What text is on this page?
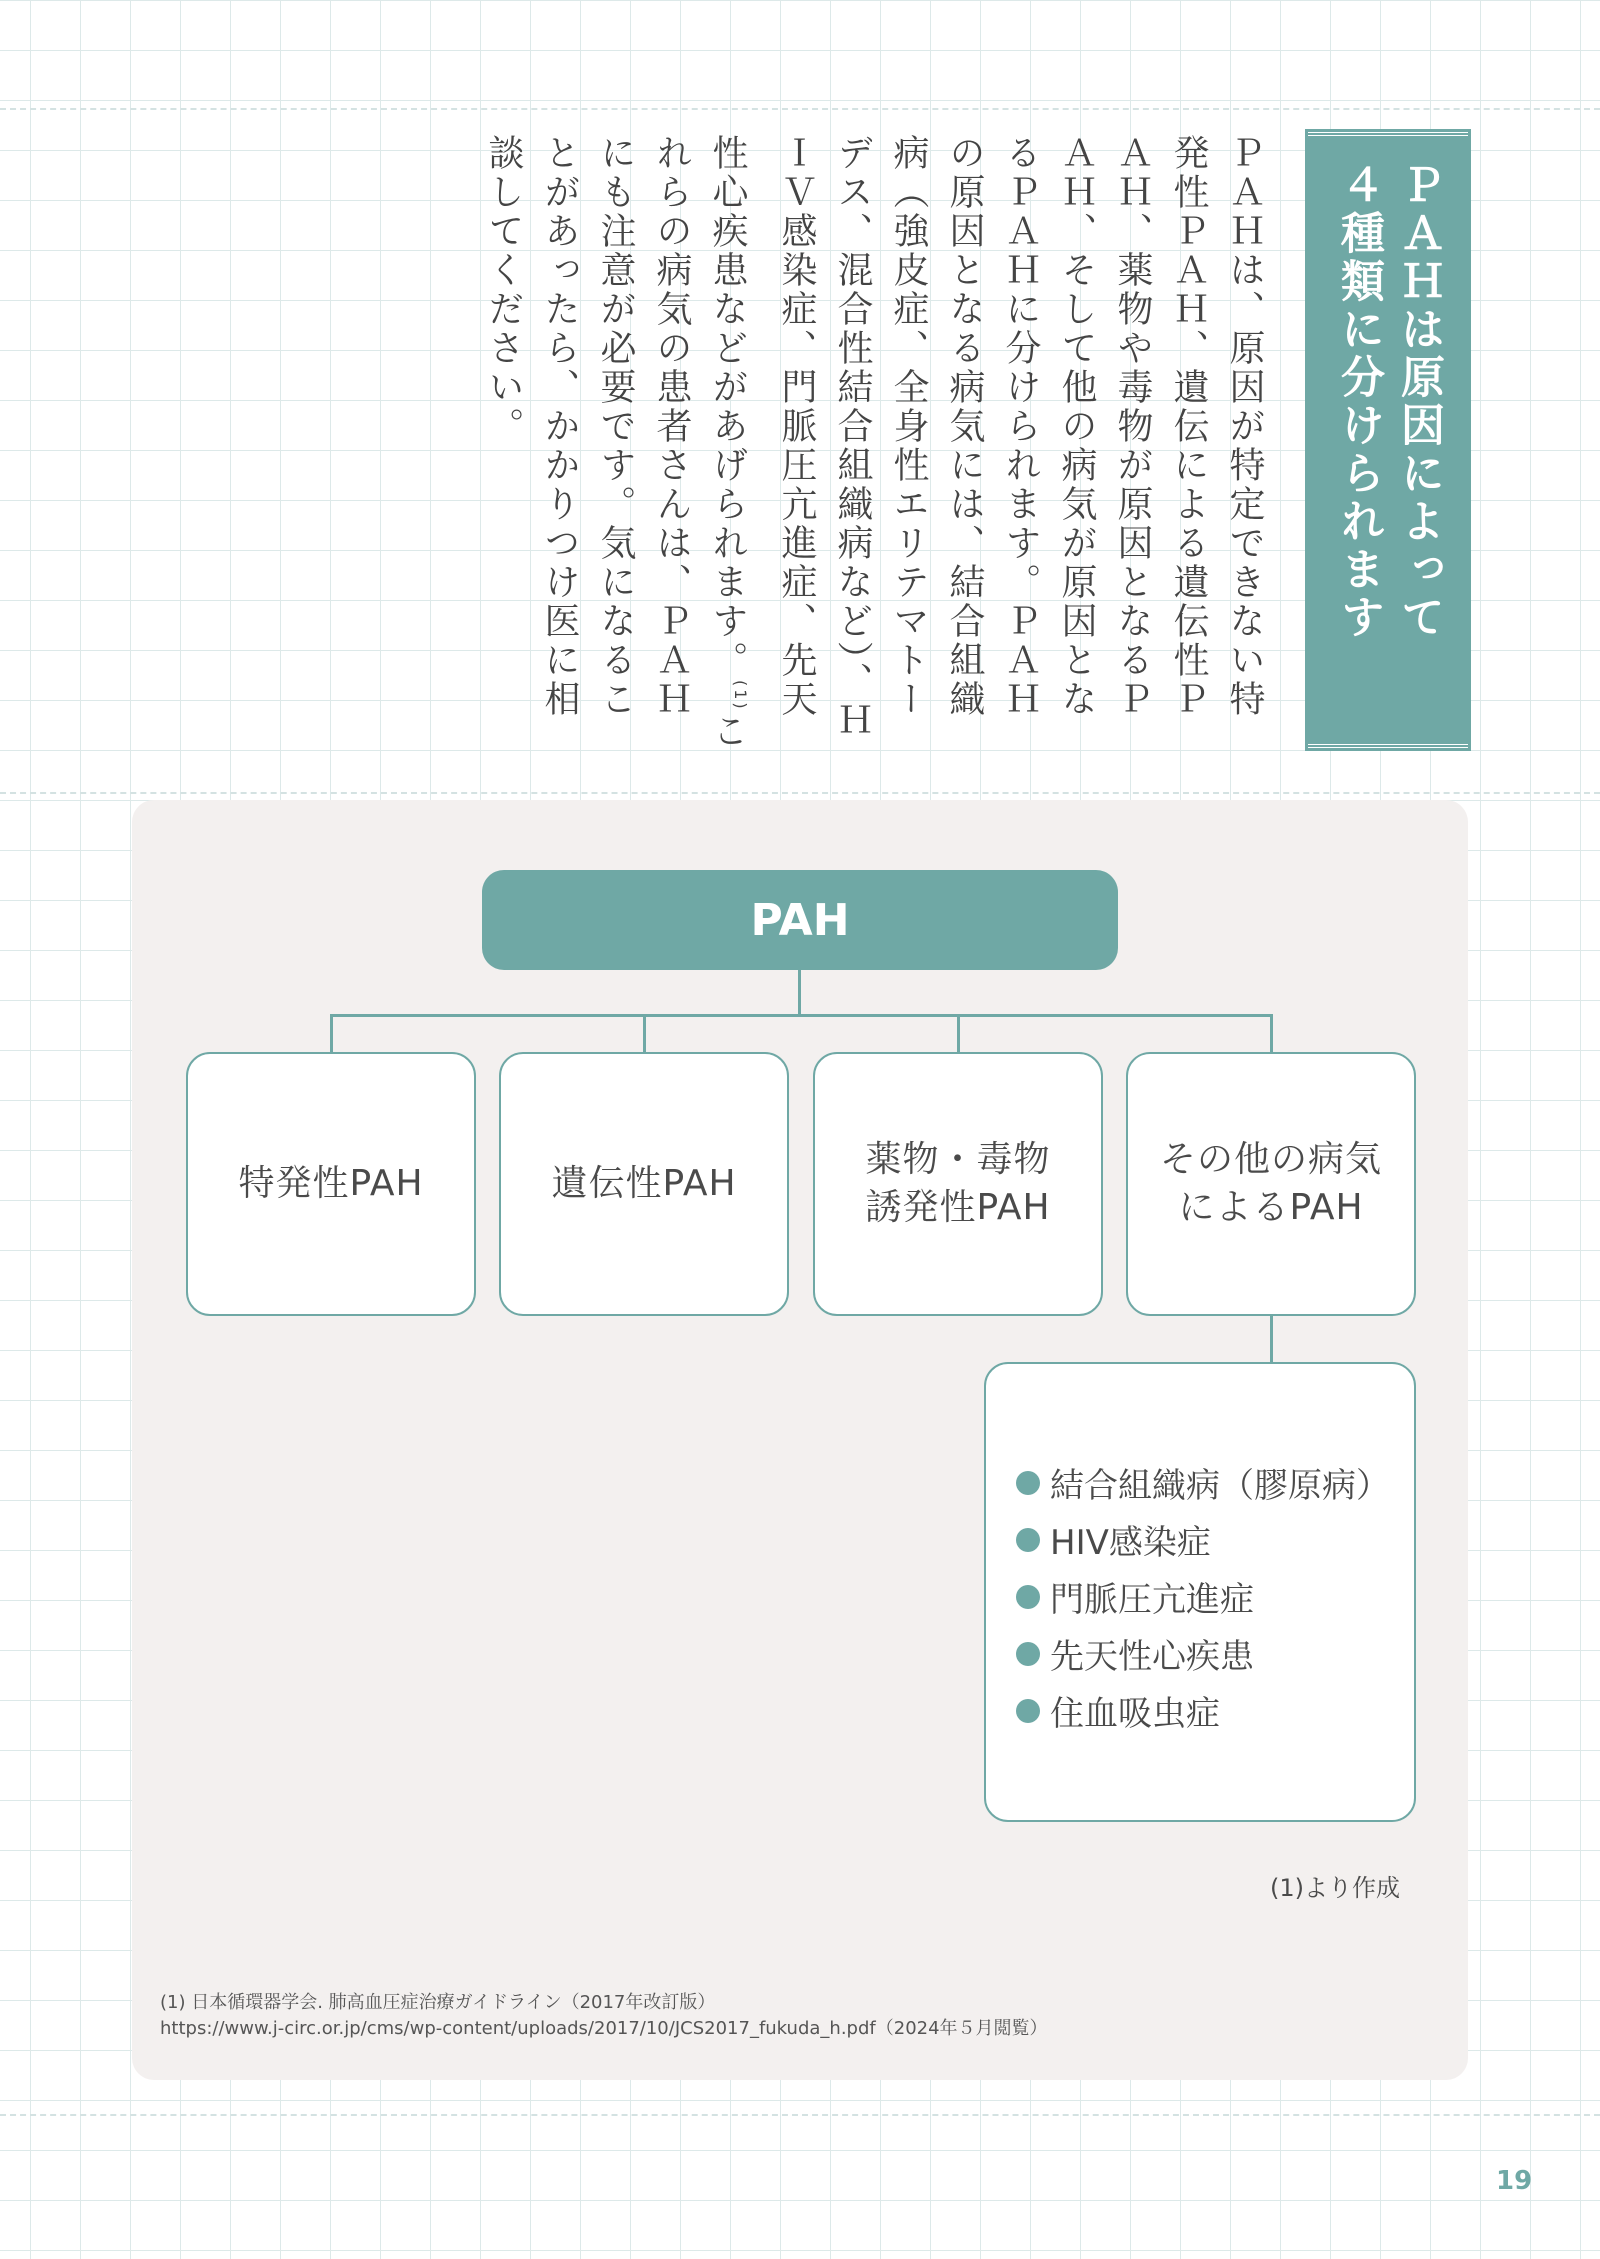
ＰＡＨは原因によって
４種類に分けられます
ＰＡＨは、原因が特定できない特発性ＰＡＨ、遺伝による遺伝性ＰＡＨ、薬物や毒物が原因となるＰＡＨ、そして他の病気が原因となるＰＡＨに分けられます。ＰＡＨの原因となる病気には、結合組織病（強皮症、全身性エリテマトーデス、混合性結合組織病など）、ＨＩＶ感染症、門脈圧亢進症、先天性心疾患などがあげられます。$^{(1)}$これらの病気の患者さんは、ＰＡＨにも注意が必要です。気になることがあったら、かかりつけ医に相談してください。
PAH
特発性PAH	遺伝性PAH
薬物・毒物
誘発性PAH
その他の病気
によるPAH
結合組織病（膠原病）
HIV感染症
門脈圧亢進症
先天性心疾患
住血吸虫症
(1)より作成
(1) 日本循環器学会. 肺高血圧症治療ガイドライン（2017年改訂版）
https://www.j-circ.or.jp/cms/wp-content/uploads/2017/10/JCS2017_fukuda_h.pdf（2024年５月閲覧）
19
